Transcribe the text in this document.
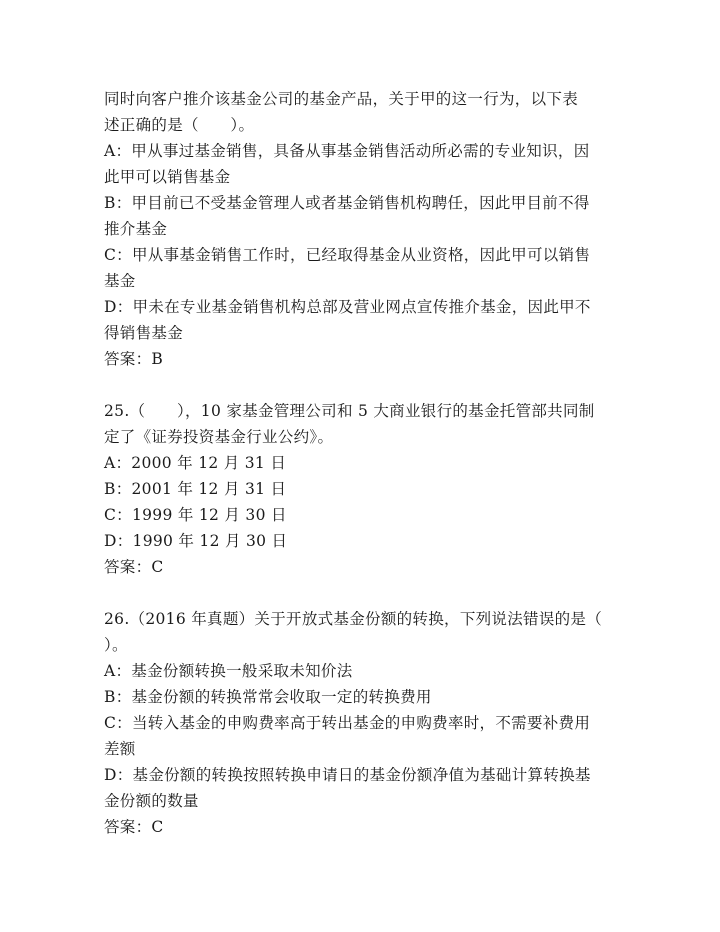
同时向客户推介该基金公司的基金产品，关于甲的这一行为，以下表
述正确的是（　　）。
A：甲从事过基金销售，具备从事基金销售活动所必需的专业知识，因
此甲可以销售基金
B：甲目前已不受基金管理人或者基金销售机构聘任，因此甲目前不得
推介基金
C：甲从事基金销售工作时，已经取得基金从业资格，因此甲可以销售
基金
D：甲未在专业基金销售机构总部及营业网点宣传推介基金，因此甲不
得销售基金
答案：B
25.（　　），10 家基金管理公司和 5 大商业银行的基金托管部共同制
定了《证券投资基金行业公约》。
A：2000 年 12 月 31 日
B：2001 年 12 月 31 日
C：1999 年 12 月 30 日
D：1990 年 12 月 30 日
答案：C
26.（2016 年真题）关于开放式基金份额的转换，下列说法错误的是（
）。
A：基金份额转换一般采取未知价法
B：基金份额的转换常常会收取一定的转换费用
C：当转入基金的申购费率高于转出基金的申购费率时，不需要补费用
差额
D：基金份额的转换按照转换申请日的基金份额净值为基础计算转换基
金份额的数量
答案：C
